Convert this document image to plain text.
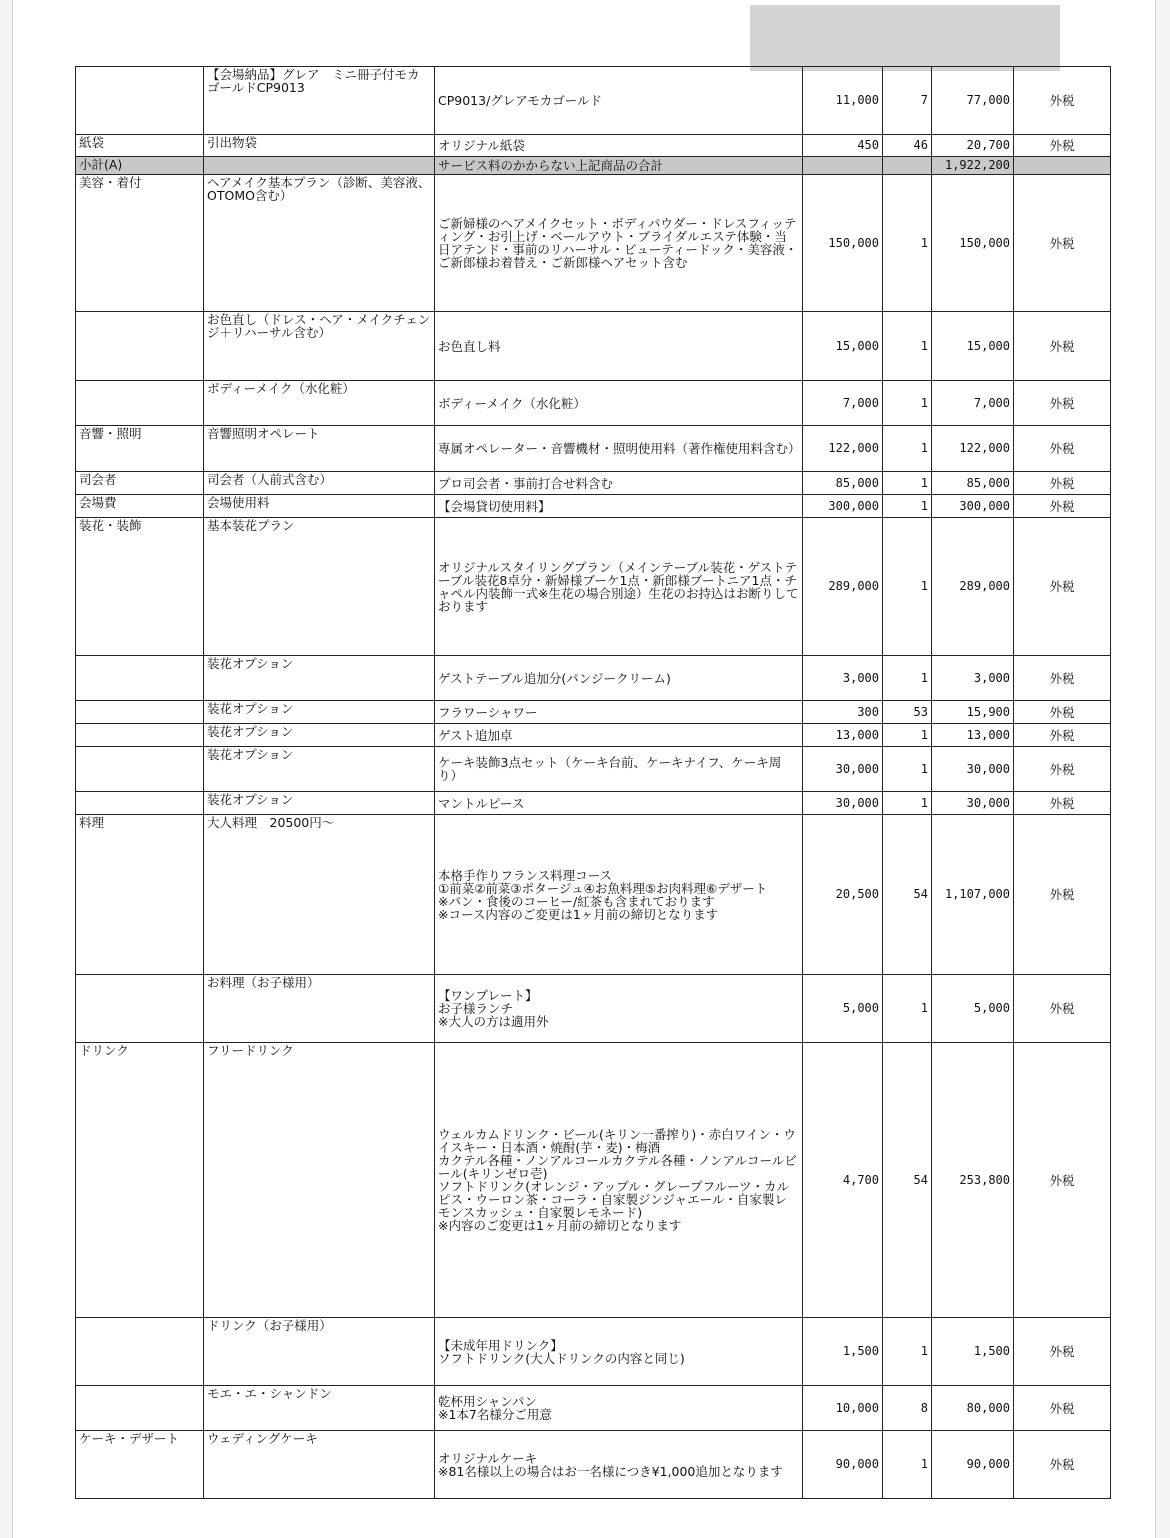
	【会場納品】グレア　ミニ冊子付モカゴールドCP9013	CP9013/グレアモカゴールド	11,000	7	77,000	外税
紙袋	引出物袋	オリジナル紙袋	450	46	20,700	外税
小計(A)		サービス料のかからない上記商品の合計			1,922,200	
美容・着付	ヘアメイク基本プラン（診断、美容液、OTOMO含む）	ご新婦様のヘアメイクセット・ボディパウダー・ドレスフィッティング・お引上げ・ベールアウト・ブライダルエステ体験・当日アテンド・事前のリハーサル・ビューティードック・美容液・ご新郎様お着替え・ご新郎様ヘアセット含む	150,000	1	150,000	外税
	お色直し（ドレス・ヘア・メイクチェンジ＋リハーサル含む）	お色直し料	15,000	1	15,000	外税
	ボディーメイク（水化粧）	ボディーメイク（水化粧）	7,000	1	7,000	外税
音響・照明	音響照明オペレート	専属オペレーター・音響機材・照明使用料（著作権使用料含む）	122,000	1	122,000	外税
司会者	司会者（人前式含む）	プロ司会者・事前打合せ料含む	85,000	1	85,000	外税
会場費	会場使用料	【会場貸切使用料】	300,000	1	300,000	外税
装花・装飾	基本装花プラン	オリジナルスタイリングプラン（メインテーブル装花・ゲストテーブル装花8卓分・新婦様ブーケ1点・新郎様ブートニア1点・チャペル内装飾一式※生花の場合別途）生花のお持込はお断りしております	289,000	1	289,000	外税
	装花オプション	ゲストテーブル追加分(パンジークリーム)	3,000	1	3,000	外税
	装花オプション	フラワーシャワー	300	53	15,900	外税
	装花オプション	ゲスト追加卓	13,000	1	13,000	外税
	装花オプション	ケーキ装飾3点セット（ケーキ台前、ケーキナイフ、ケーキ周り）	30,000	1	30,000	外税
	装花オプション	マントルピース	30,000	1	30,000	外税
料理	大人料理　20500円～	本格手作りフランス料理コース
①前菜②前菜③ポタージュ④お魚料理⑤お肉料理⑥デザート
※パン・食後のコーヒー/紅茶も含まれております
※コース内容のご変更は1ヶ月前の締切となります	20,500	54	1,107,000	外税
	お料理（お子様用）	【ワンプレート】
お子様ランチ
※大人の方は適用外	5,000	1	5,000	外税
ドリンク	フリードリンク	ウェルカムドリンク・ビール(キリン一番搾り)・赤白ワイン・ウイスキー・日本酒・焼酎(芋・麦)・梅酒
カクテル各種・ノンアルコールカクテル各種・ノンアルコールビール(キリンゼロ壱)
ソフトドリンク(オレンジ・アップル・グレープフルーツ・カルピス・ウーロン茶・コーラ・自家製ジンジャエール・自家製レモンスカッシュ・自家製レモネード)
※内容のご変更は1ヶ月前の締切となります	4,700	54	253,800	外税
	ドリンク（お子様用）	【未成年用ドリンク】
ソフトドリンク(大人ドリンクの内容と同じ)	1,500	1	1,500	外税
	モエ・エ・シャンドン	乾杯用シャンパン
※1本7名様分ご用意	10,000	8	80,000	外税
ケーキ・デザート	ウェディングケーキ	オリジナルケーキ
※81名様以上の場合はお一名様につき¥1,000追加となります	90,000	1	90,000	外税
